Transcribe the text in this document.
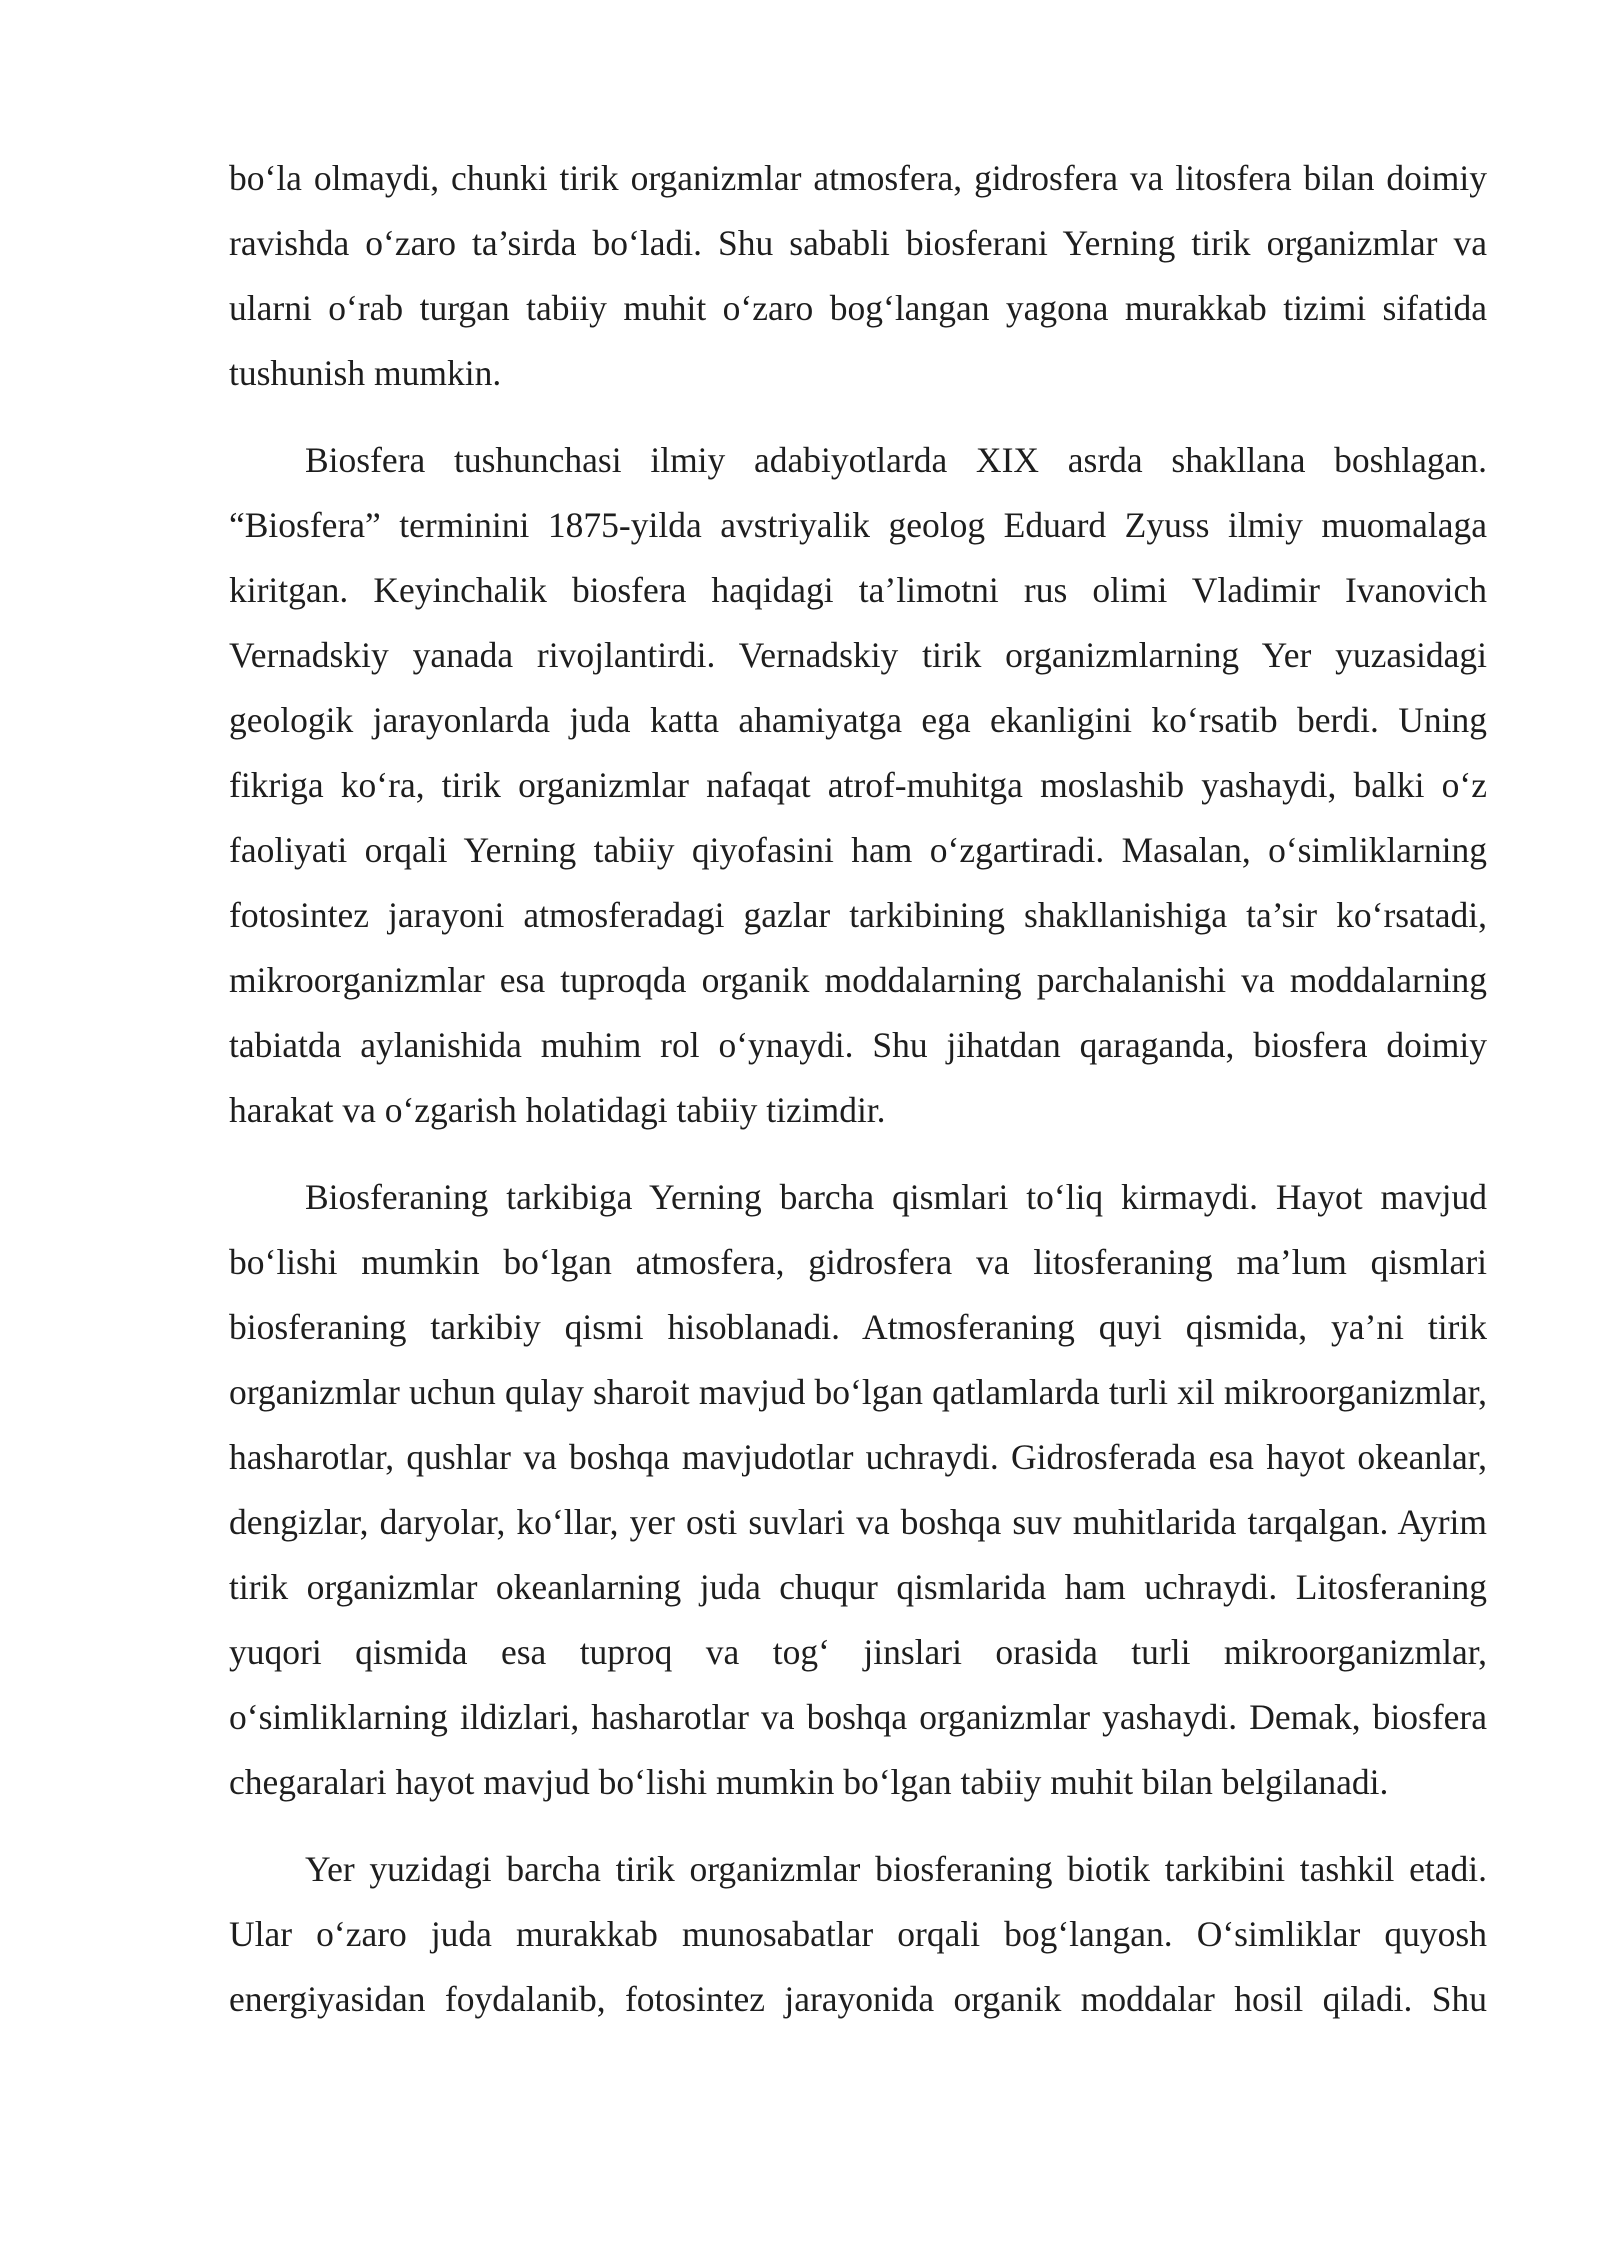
bo‘la olmaydi, chunki tirik organizmlar atmosfera, gidrosfera va litosfera bilan doimiy ravishda o‘zaro ta’sirda bo‘ladi. Shu sababli biosferani Yerning tirik organizmlar va ularni o‘rab turgan tabiiy muhit o‘zaro bog‘langan yagona murakkab tizimi sifatida tushunish mumkin.

Biosfera tushunchasi ilmiy adabiyotlarda XIX asrda shakllana boshlagan. “Biosfera” terminini 1875-yilda avstriyalik geolog Eduard Zyuss ilmiy muomalaga kiritgan. Keyinchalik biosfera haqidagi ta’limotni rus olimi Vladimir Ivanovich Vernadskiy yanada rivojlantirdi. Vernadskiy tirik organizmlarning Yer yuzasidagi geologik jarayonlarda juda katta ahamiyatga ega ekanligini ko‘rsatib berdi. Uning fikriga ko‘ra, tirik organizmlar nafaqat atrof-muhitga moslashib yashaydi, balki o‘z faoliyati orqali Yerning tabiiy qiyofasini ham o‘zgartiradi. Masalan, o‘simliklarning fotosintez jarayoni atmosferadagi gazlar tarkibining shakllanishiga ta’sir ko‘rsatadi, mikroorganizmlar esa tuproqda organik moddalarning parchalanishi va moddalarning tabiatda aylanishida muhim rol o‘ynaydi. Shu jihatdan qaraganda, biosfera doimiy harakat va o‘zgarish holatidagi tabiiy tizimdir.

Biosferaning tarkibiga Yerning barcha qismlari to‘liq kirmaydi. Hayot mavjud bo‘lishi mumkin bo‘lgan atmosfera, gidrosfera va litosferaning ma’lum qismlari biosferaning tarkibiy qismi hisoblanadi. Atmosferaning quyi qismida, ya’ni tirik organizmlar uchun qulay sharoit mavjud bo‘lgan qatlamlarda turli xil mikroorganizmlar, hasharotlar, qushlar va boshqa mavjudotlar uchraydi. Gidrosferada esa hayot okeanlar, dengizlar, daryolar, ko‘llar, yer osti suvlari va boshqa suv muhitlarida tarqalgan. Ayrim tirik organizmlar okeanlarning juda chuqur qismlarida ham uchraydi. Litosferaning yuqori qismida esa tuproq va tog‘ jinslari orasida turli mikroorganizmlar, o‘simliklarning ildizlari, hasharotlar va boshqa organizmlar yashaydi. Demak, biosfera chegaralari hayot mavjud bo‘lishi mumkin bo‘lgan tabiiy muhit bilan belgilanadi.

Yer yuzidagi barcha tirik organizmlar biosferaning biotik tarkibini tashkil etadi. Ular o‘zaro juda murakkab munosabatlar orqali bog‘langan. O‘simliklar quyosh energiyasidan foydalanib, fotosintez jarayonida organik moddalar hosil qiladi. Shu
